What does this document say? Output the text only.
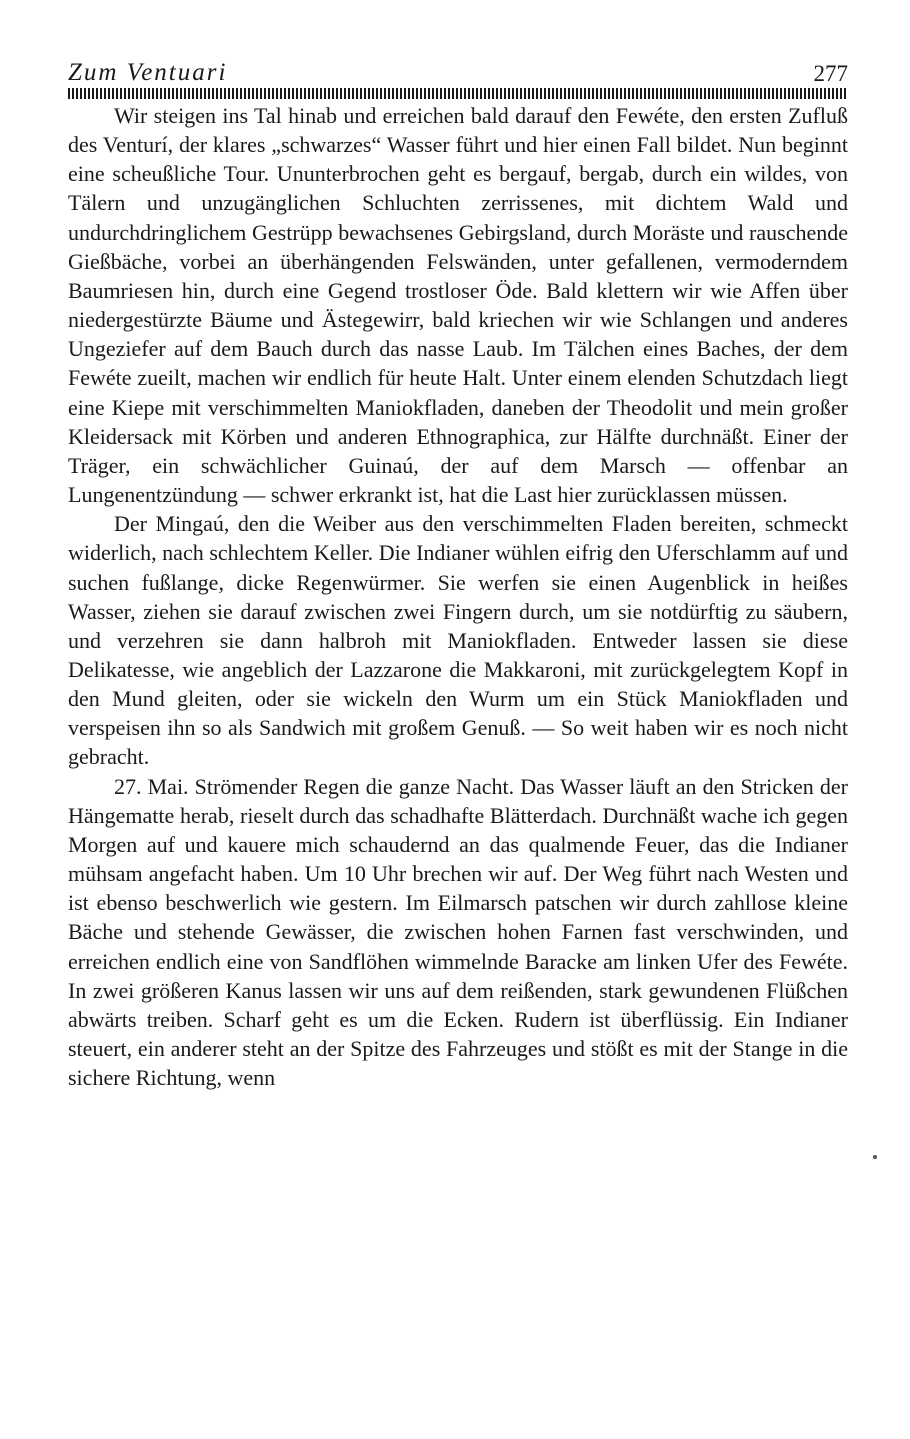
Zum Ventuari	277

Wir steigen ins Tal hinab und erreichen bald darauf den Fewéte, den ersten Zufluß des Venturí, der klares „schwarzes“ Wasser führt und hier einen Fall bildet. Nun beginnt eine scheußliche Tour. Ununterbrochen geht es bergauf, bergab, durch ein wildes, von Tälern und unzugänglichen Schluchten zerrissenes, mit dichtem Wald und undurchdringlichem Gestrüpp bewachsenes Gebirgsland, durch Moräste und rauschende Gießbäche, vorbei an überhängenden Felswänden, unter gefallenen, vermoderndem Baumriesen hin, durch eine Gegend trostloser Öde. Bald klettern wir wie Affen über niedergestürzte Bäume und Ästegewirr, bald kriechen wir wie Schlangen und anderes Ungeziefer auf dem Bauch durch das nasse Laub. Im Tälchen eines Baches, der dem Fewéte zueilt, machen wir endlich für heute Halt. Unter einem elenden Schutzdach liegt eine Kiepe mit verschimmelten Maniokfladen, daneben der Theodolit und mein großer Kleidersack mit Körben und anderen Ethnographica, zur Hälfte durchnäßt. Einer der Träger, ein schwächlicher Guinaú, der auf dem Marsch — offenbar an Lungenentzündung — schwer erkrankt ist, hat die Last hier zurücklassen müssen.

Der Mingaú, den die Weiber aus den verschimmelten Fladen bereiten, schmeckt widerlich, nach schlechtem Keller. Die Indianer wühlen eifrig den Uferschlamm auf und suchen fußlange, dicke Regenwürmer. Sie werfen sie einen Augenblick in heißes Wasser, ziehen sie darauf zwischen zwei Fingern durch, um sie notdürftig zu säubern, und verzehren sie dann halbroh mit Maniokfladen. Entweder lassen sie diese Delikatesse, wie angeblich der Lazzarone die Makkaroni, mit zurückgelegtem Kopf in den Mund gleiten, oder sie wickeln den Wurm um ein Stück Maniokfladen und verspeisen ihn so als Sandwich mit großem Genuß. — So weit haben wir es noch nicht gebracht.

27. Mai. Strömender Regen die ganze Nacht. Das Wasser läuft an den Stricken der Hängematte herab, rieselt durch das schadhafte Blätterdach. Durchnäßt wache ich gegen Morgen auf und kauere mich schaudernd an das qualmende Feuer, das die Indianer mühsam angefacht haben. Um 10 Uhr brechen wir auf. Der Weg führt nach Westen und ist ebenso beschwerlich wie gestern. Im Eilmarsch patschen wir durch zahllose kleine Bäche und stehende Gewässer, die zwischen hohen Farnen fast verschwinden, und erreichen endlich eine von Sandflöhen wimmelnde Baracke am linken Ufer des Fewéte. In zwei größeren Kanus lassen wir uns auf dem reißenden, stark gewundenen Flüßchen abwärts treiben. Scharf geht es um die Ecken. Rudern ist überflüssig. Ein Indianer steuert, ein anderer steht an der Spitze des Fahrzeuges und stößt es mit der Stange in die sichere Richtung, wenn
